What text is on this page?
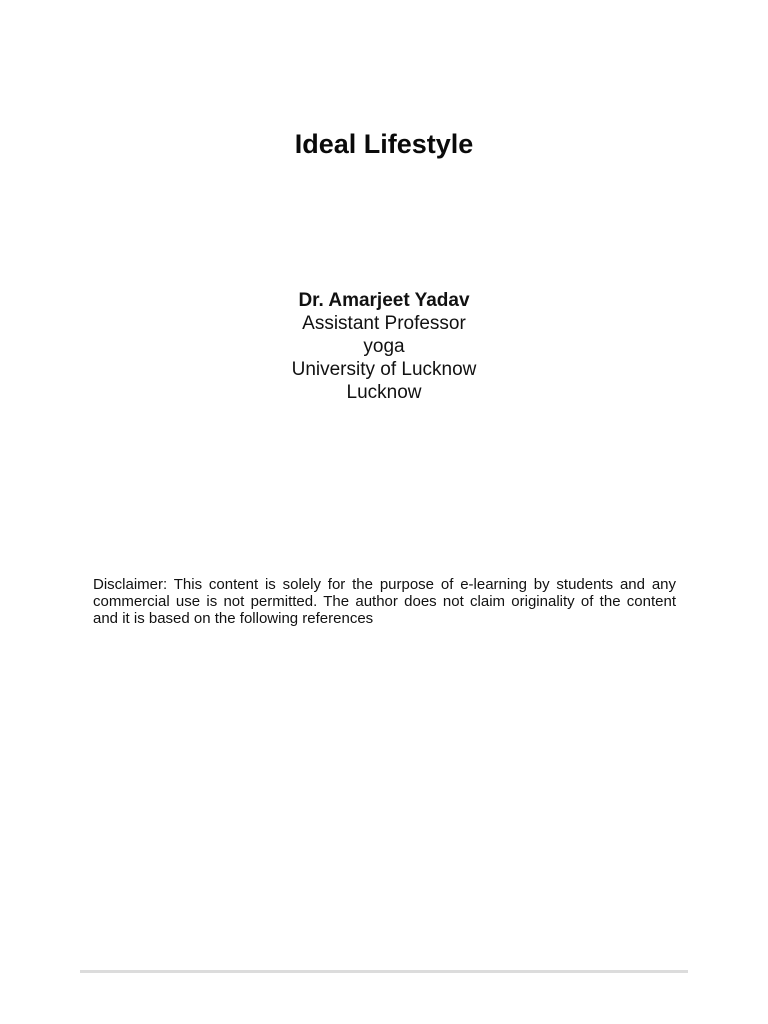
Ideal Lifestyle
Dr. Amarjeet Yadav
Assistant Professor
yoga
University of Lucknow
Lucknow

Disclaimer: This content is solely for the purpose of e-learning by students and any commercial use is not permitted. The author does not claim originality of the content and it is based on the following references
